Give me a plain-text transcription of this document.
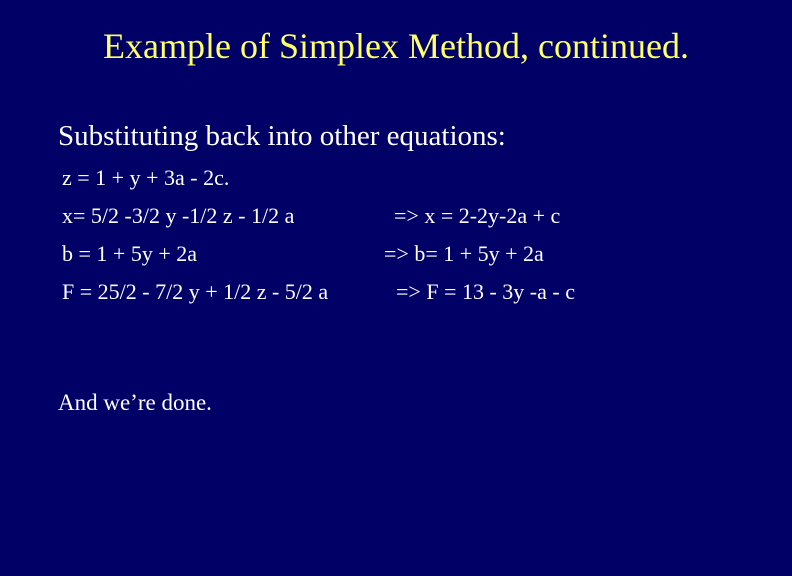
Example of Simplex Method, continued.
Substituting back into other equations:
z = 1 + y + 3a - 2c.
x= 5/2 -3/2 y -1/2 z - 1/2 a	=> x = 2-2y-2a + c
b = 1 + 5y + 2a	=> b= 1 + 5y + 2a
F = 25/2 - 7/2 y + 1/2 z - 5/2 a	=> F = 13 - 3y -a - c
And we’re done.
